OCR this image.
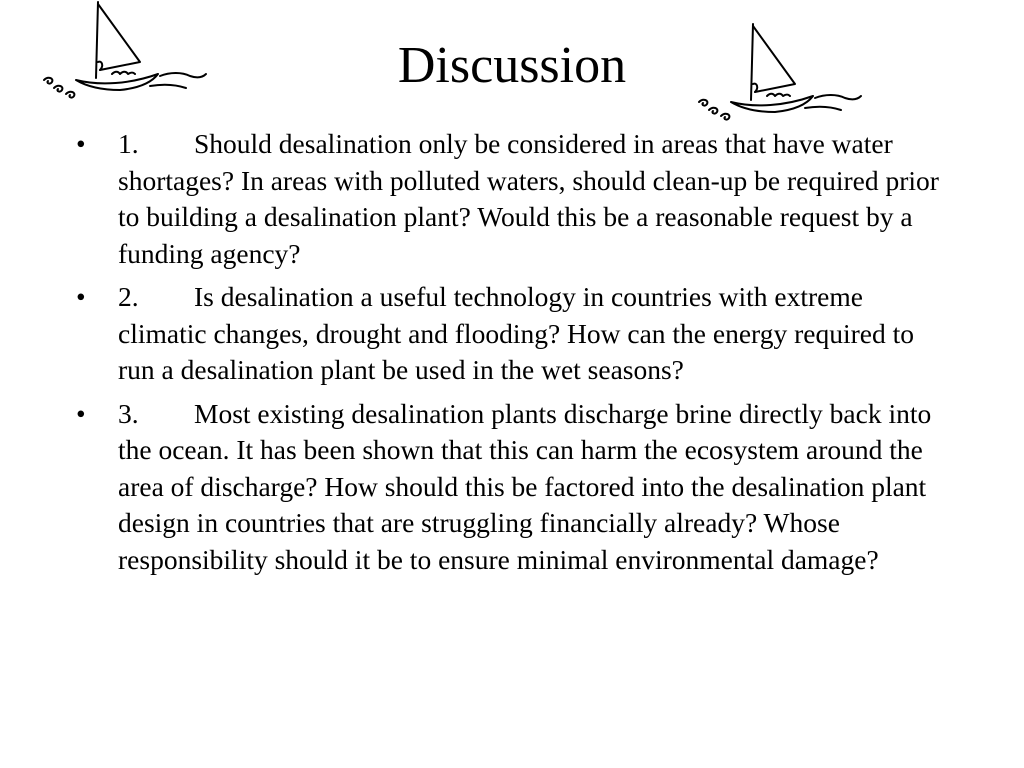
Discussion
• 1. Should desalination only be considered in areas that have water shortages? In areas with polluted waters, should clean-up be required prior to building a desalination plant? Would this be a reasonable request by a funding agency?
• 2. Is desalination a useful technology in countries with extreme climatic changes, drought and flooding? How can the energy required to run a desalination plant be used in the wet seasons?
• 3. Most existing desalination plants discharge brine directly back into the ocean. It has been shown that this can harm the ecosystem around the area of discharge? How should this be factored into the desalination plant design in countries that are struggling financially already? Whose responsibility should it be to ensure minimal environmental damage?
